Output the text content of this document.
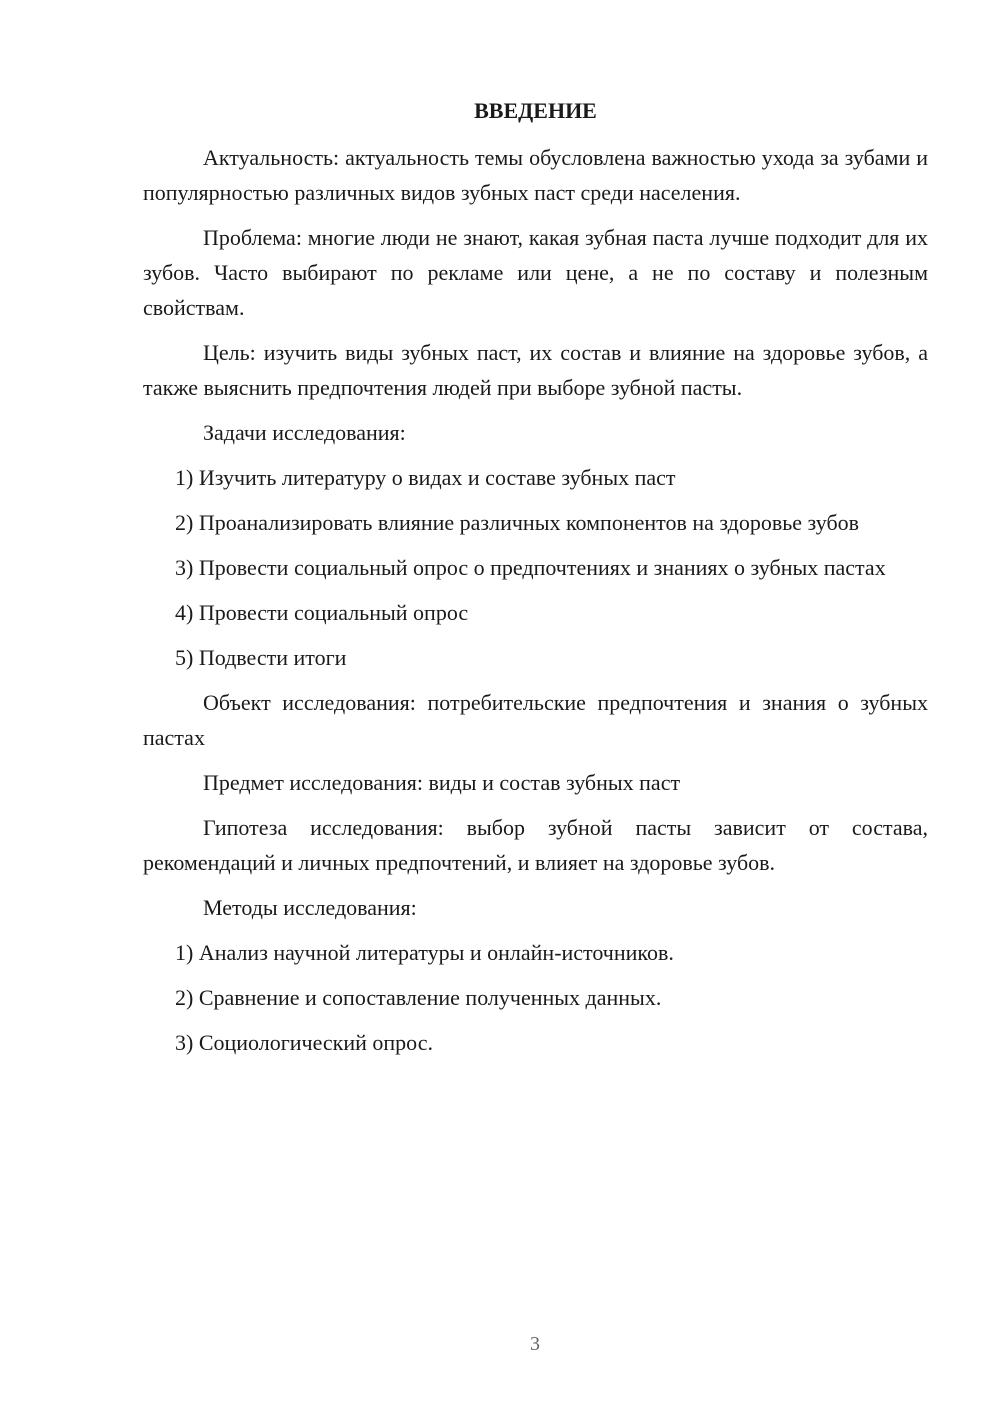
ВВЕДЕНИЕ

Актуальность: актуальность темы обусловлена важностью ухода за зубами и популярностью различных видов зубных паст среди населения.

Проблема: многие люди не знают, какая зубная паста лучше подходит для их зубов. Часто выбирают по рекламе или цене, а не по составу и полезным свойствам.

Цель: изучить виды зубных паст, их состав и влияние на здоровье зубов, а также выяснить предпочтения людей при выборе зубной пасты.

Задачи исследования:

1) Изучить литературу о видах и составе зубных паст

2) Проанализировать влияние различных компонентов на здоровье зубов

3) Провести социальный опрос о предпочтениях и знаниях о зубных пастах

4) Провести социальный опрос

5) Подвести итоги

Объект исследования: потребительские предпочтения и знания о зубных пастах

Предмет исследования: виды и состав зубных паст

Гипотеза исследования: выбор зубной пасты зависит от состава, рекомендаций и личных предпочтений, и влияет на здоровье зубов.

Методы исследования:

1) Анализ научной литературы и онлайн-источников.

2) Сравнение и сопоставление полученных данных.

3) Социологический опрос.

3
